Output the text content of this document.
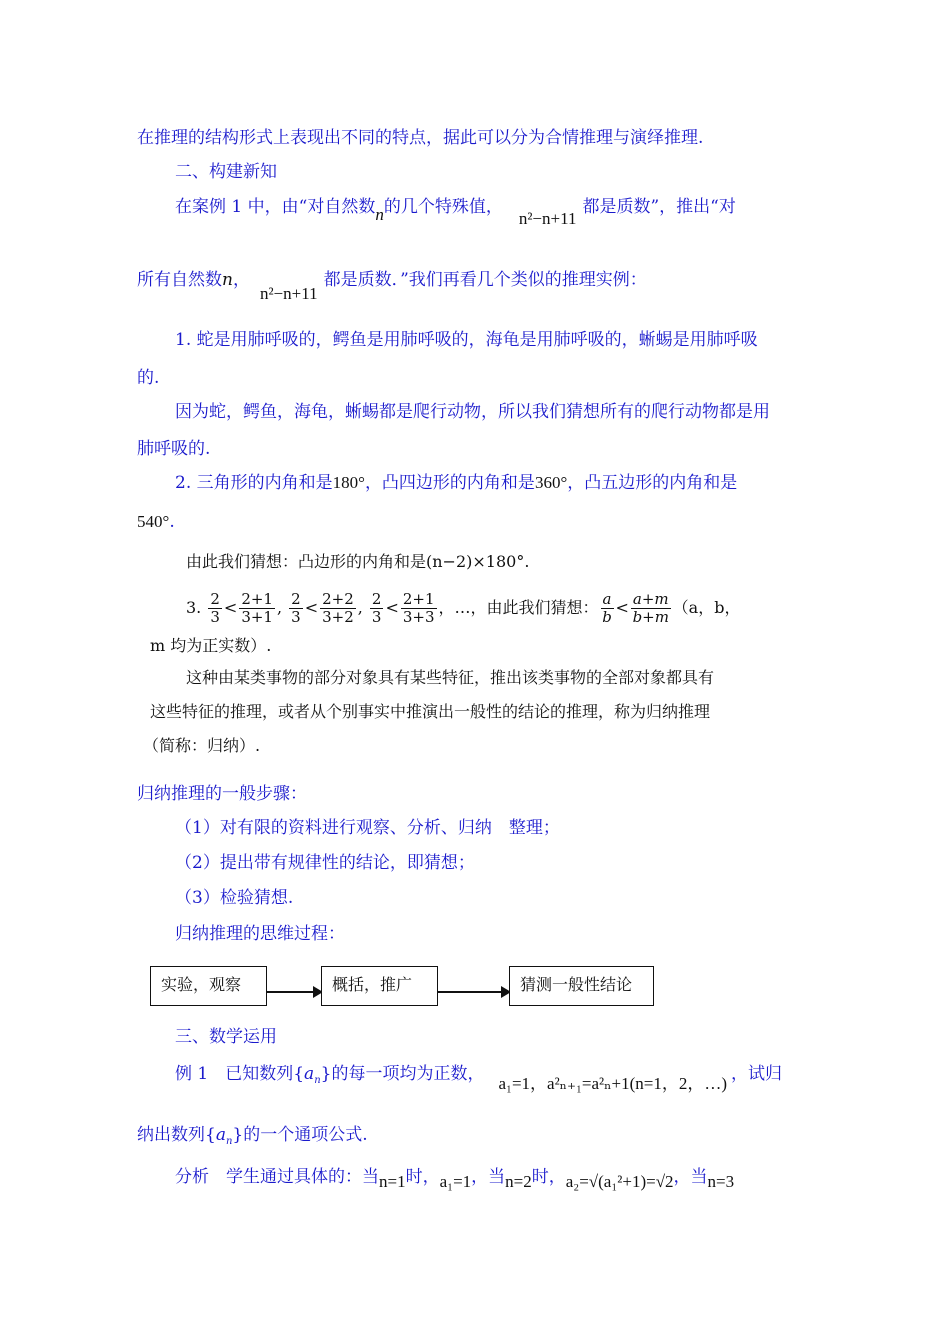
在推理的结构形式上表现出不同的特点，据此可以分为合情推理与演绎推理.
二、构建新知
在案例 1 中，由“对自然数n的几个特殊值，n²−n+11都是质数”，推出“对
所有自然数n，n²−n+11都是质数．”我们再看几个类似的推理实例：
1. 蛇是用肺呼吸的，鳄鱼是用肺呼吸的，海龟是用肺呼吸的，蜥蜴是用肺呼吸
的.
因为蛇，鳄鱼，海龟，蜥蜴都是爬行动物，所以我们猜想所有的爬行动物都是用
肺呼吸的.
2. 三角形的内角和是180°，凸四边形的内角和是360°，凸五边形的内角和是
540°.
由此我们猜想：凸边形的内角和是(n−2)×180°.
3. $\frac{2}{3} < \frac{2+1}{3+1}$ , $\frac{2}{3} < \frac{2+2}{3+2}$ , $\frac{2}{3} < \frac{2+1}{3+3}$ ，…，由此我们猜想： $\frac{a}{b} < \frac{a+m}{b+m} (a$，b，
m 均为正实数）.
这种由某类事物的部分对象具有某些特征，推出该类事物的全部对象都具有
这些特征的推理，或者从个别事实中推演出一般性的结论的推理，称为归纳推理
（简称：归纳）.
归纳推理的一般步骤：
（1）对有限的资料进行观察、分析、归纳　整理；
（2）提出带有规律性的结论，即猜想；
（3）检验猜想.
归纳推理的思维过程：
实验，观察	概括，推广	猜测一般性结论
三、数学运用
例 1　已知数列$\{a_n\}$的每一项均为正数， a₁=1，a²ₙ₊₁=a²ₙ+1(n=1，2，…) ，试归
纳出数列$\{a_n\}$的一个通项公式.
分析　学生通过具体的：当n=1时，a₁=1，当n=2时，a₂=√(a₁²+1)=√2，当n=3
